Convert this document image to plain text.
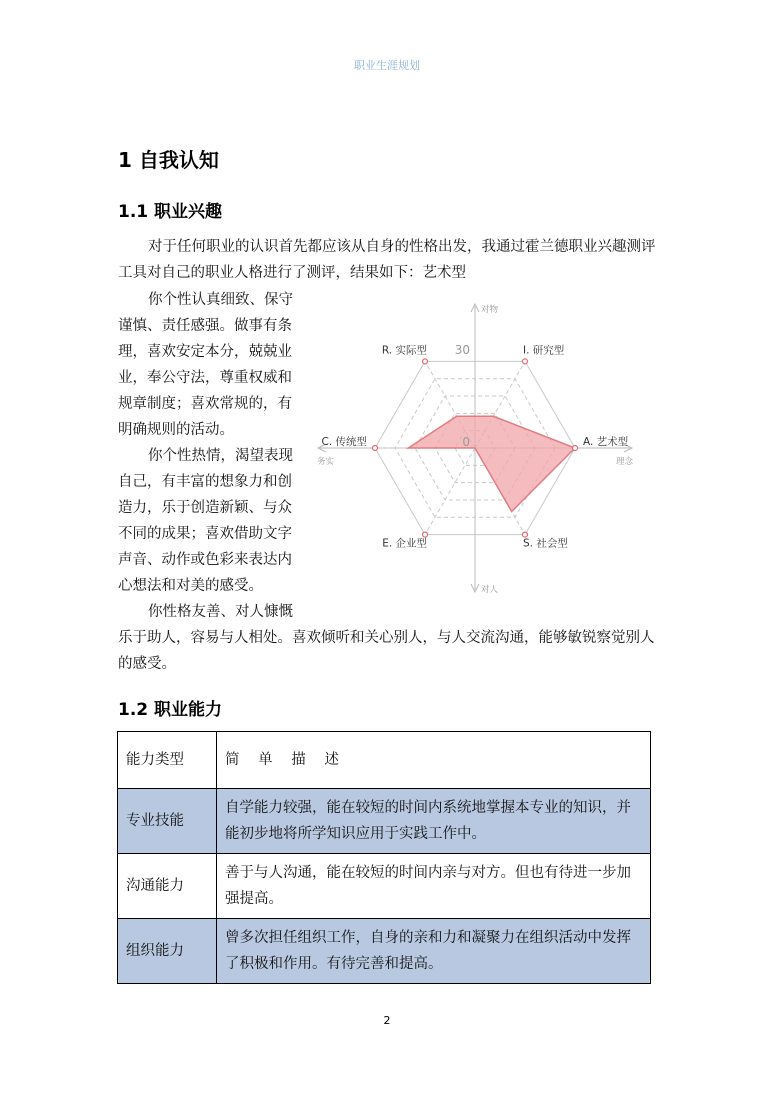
职业生涯规划
1 自我认知
1.1 职业兴趣
对于任何职业的认识首先都应该从自身的性格出发，我通过霍兰德职业兴趣测评工具对自己的职业人格进行了测评，结果如下：艺术型

你个性认真细致、保守谨慎、责任感强。做事有条理，喜欢安定本分，兢兢业业，奉公守法，尊重权威和规章制度；喜欢常规的，有明确规则的活动。

你个性热情，渴望表现自己，有丰富的想象力和创造力，乐于创造新颖、与众不同的成果；喜欢借助文字声音、动作或色彩来表达内心想法和对美的感受。

你性格友善、对人慷慨

A. 艺术型
S. 社会型
E. 企业型
C. 传统型
R. 实际型	I. 研究型
30
0
对物
对人
务实	理念
乐于助人，容易与人相处。喜欢倾听和关心别人，与人交流沟通，能够敏锐察觉别人的感受。
1.2 职业能力
能力类型	简 单 描 述
专业技能	自学能力较强，能在较短的时间内系统地掌握本专业的知识，并能初步地将所学知识应用于实践工作中。
沟通能力	善于与人沟通，能在较短的时间内亲与对方。但也有待进一步加强提高。
组织能力	曾多次担任组织工作，自身的亲和力和凝聚力在组织活动中发挥了积极和作用。有待完善和提高。
2
